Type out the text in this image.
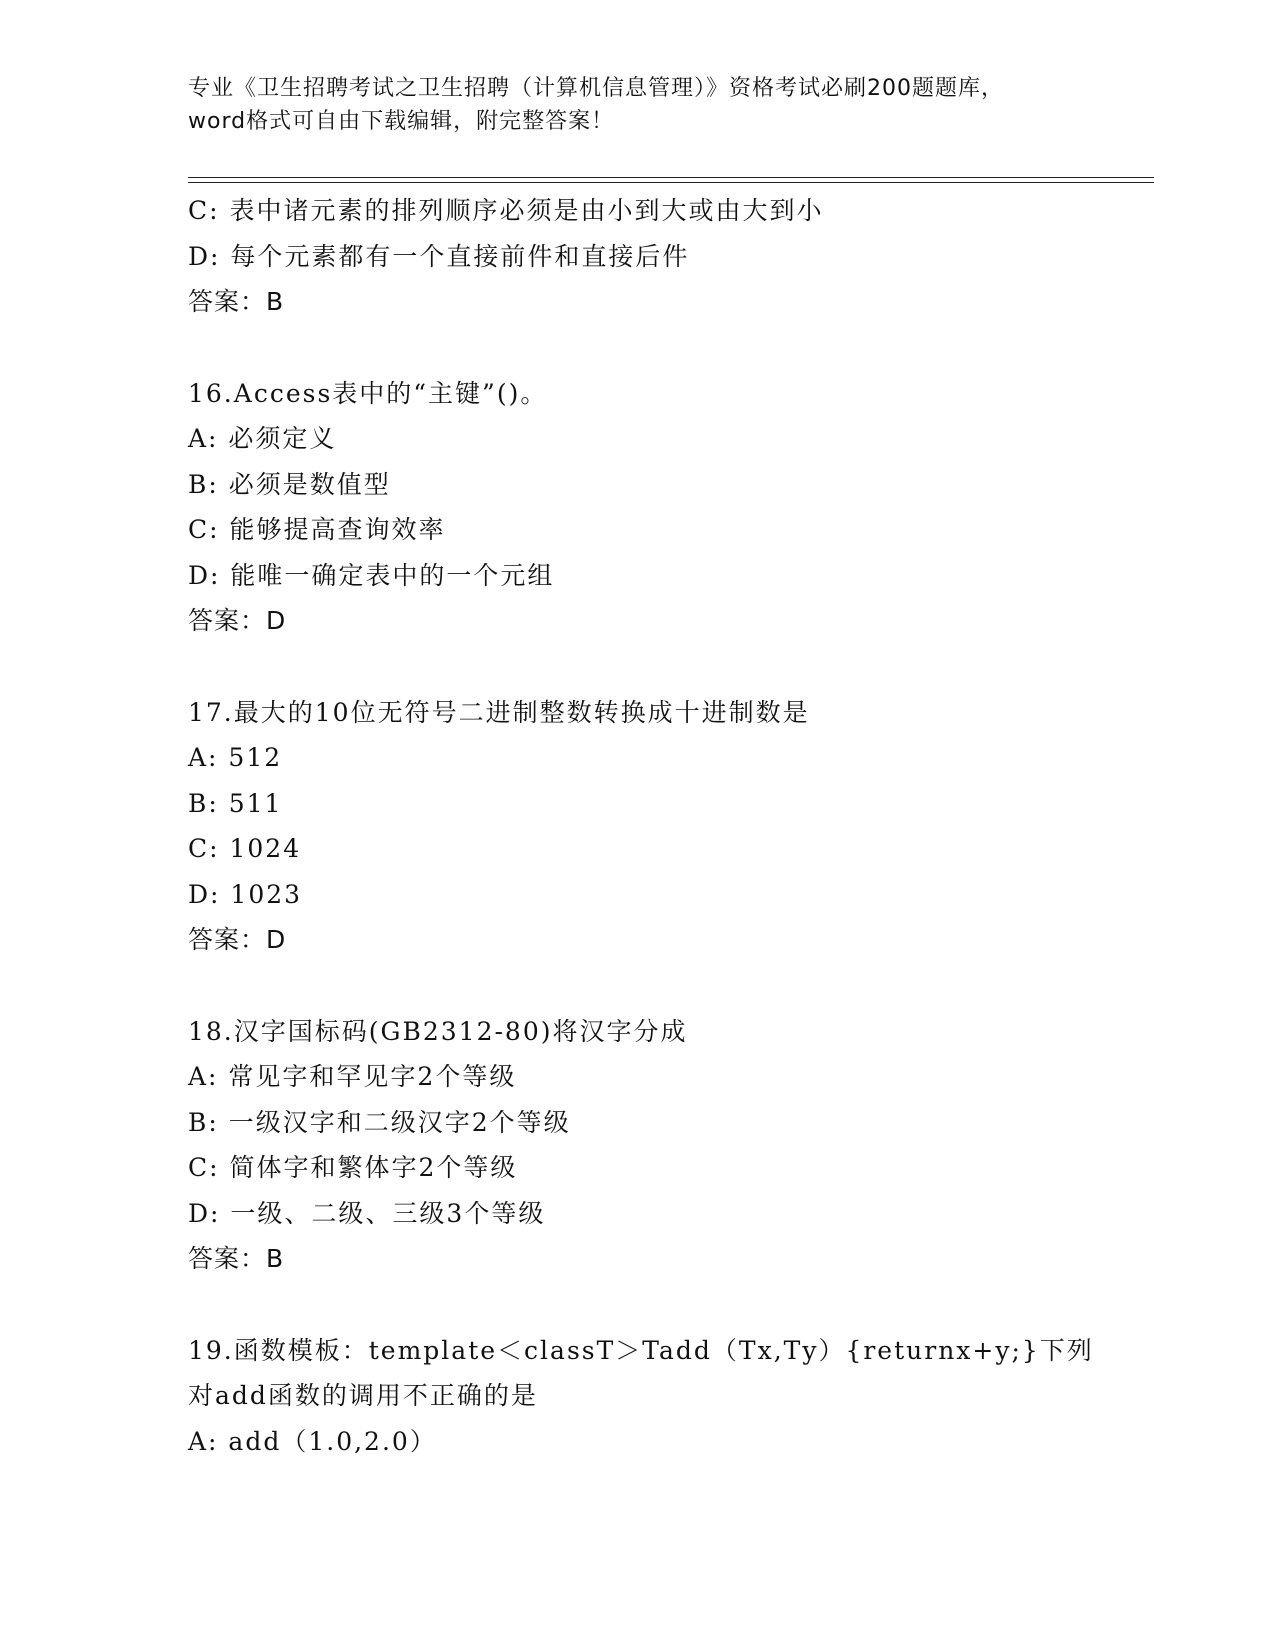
专业《卫生招聘考试之卫生招聘（计算机信息管理）》资格考试必刷200题题库，
word格式可自由下载编辑，附完整答案！
C: 表中诸元素的排列顺序必须是由小到大或由大到小
D: 每个元素都有一个直接前件和直接后件
答案：B
16.Access表中的“主键”()。
A: 必须定义
B: 必须是数值型
C: 能够提高查询效率
D: 能唯一确定表中的一个元组
答案：D
17.最大的10位无符号二进制整数转换成十进制数是
A: 512
B: 511
C: 1024
D: 1023
答案：D
18.汉字国标码(GB2312-80)将汉字分成
A: 常见字和罕见字2个等级
B: 一级汉字和二级汉字2个等级
C: 简体字和繁体字2个等级
D: 一级、二级、三级3个等级
答案：B
19.函数模板：template＜classT＞Tadd（Tx,Ty）{returnx+y;}下列
对add函数的调用不正确的是
A: add（1.0,2.0）
